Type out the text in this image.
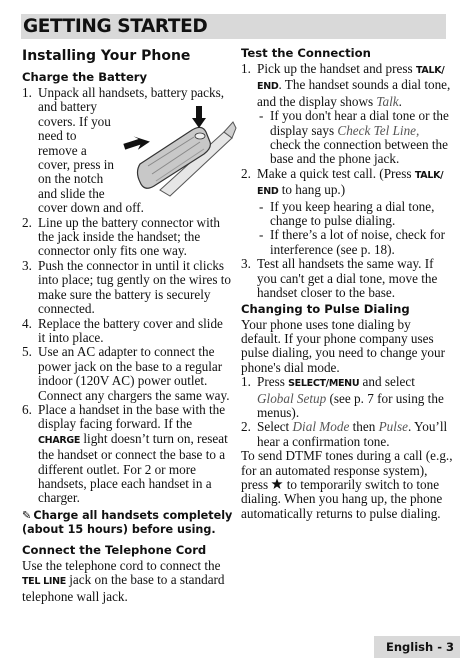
GETTING STARTED
Installing Your Phone
Charge the Battery
1. Unpack all handsets, battery packs,
and battery covers. If you need to remove a cover, press in on the notch and slide the cover down and off.
2. Line up the battery connector with the jack inside the handset; the connector only fits one way.
3. Push the connector in until it clicks into place; tug gently on the wires to make sure the battery is securely connected.
4. Replace the battery cover and slide it into place.
5. Use an AC adapter to connect the power jack on the base to a regular indoor (120V AC) power outlet. Connect any chargers the same way.
6. Place a handset in the base with the display facing forward. If the CHARGE light doesn’t turn on, reseat the handset or connect the base to a different outlet. For 2 or more handsets, place each handset in a charger.
✎ Charge all handsets completely (about 15 hours) before using.
Connect the Telephone Cord

Use the telephone cord to connect the TEL LINE jack on the base to a standard telephone wall jack.

Test the Connection
1. Pick up the handset and press TALK/ END. The handset sounds a dial tone, and the display shows Talk.
- If you don't hear a dial tone or the display says Check Tel Line, check the connection between the base and the phone jack.
2. Make a quick test call. (Press TALK/ END to hang up.)
- If you keep hearing a dial tone, change to pulse dialing.
- If there’s a lot of noise, check for interference (see p. 18).
3. Test all handsets the same way. If you can't get a dial tone, move the handset closer to the base.
Changing to Pulse Dialing

Your phone uses tone dialing by default. If your phone company uses pulse dialing, you need to change your phone's dial mode.

1. Press SELECT/MENU and select Global Setup (see p. 7 for using the menus).
2. Select Dial Mode then Pulse. You’ll hear a confirmation tone.

To send DTMF tones during a call (e.g., for an automated response system), press  to temporarily switch to tone dialing. When you hang up, the phone automatically returns to pulse dialing.

English - 3
